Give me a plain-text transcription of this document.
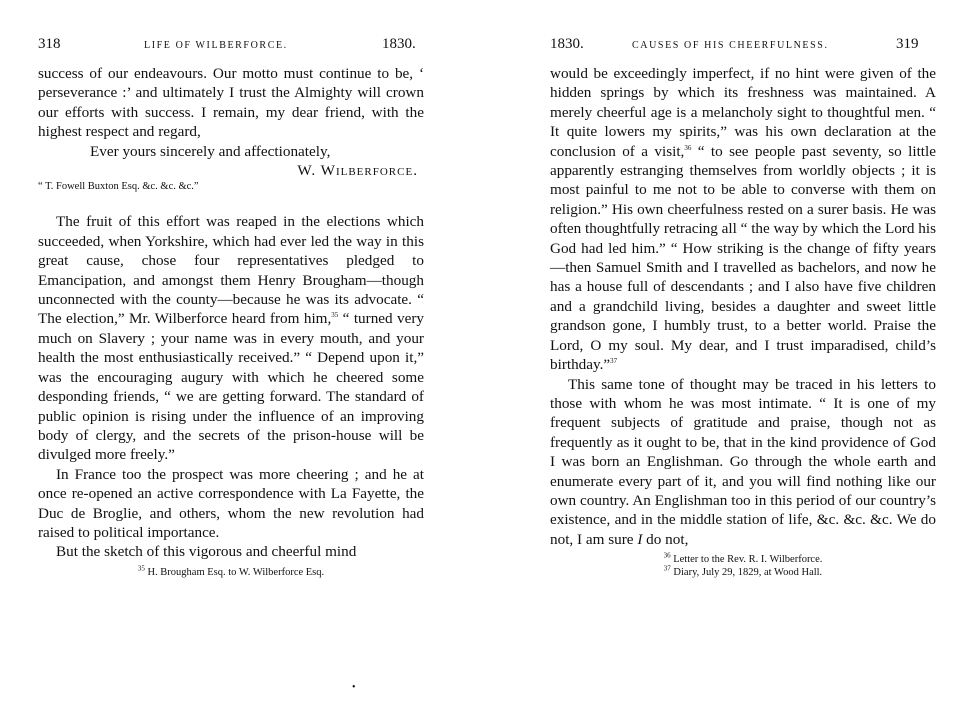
318	LIFE OF WILBERFORCE.	1830.

success of our endeavours. Our motto must continue to be, ‘ perseverance :’ and ultimately I trust the Almighty will crown our efforts with success. I remain, my dear friend, with the highest respect and regard,

Ever yours sincerely and affectionately,

W. Wilberforce.

“ T. Fowell Buxton Esq. &c. &c. &c.”

The fruit of this effort was reaped in the elections which succeeded, when Yorkshire, which had ever led the way in this great cause, chose four representatives pledged to Emancipation, and amongst them Henry Brougham—though unconnected with the county—because he was its advocate. “ The election,” Mr. Wilberforce heard from him,$^{35}$ “ turned very much on Slavery ; your name was in every mouth, and your health the most enthusiastically received.” “ Depend upon it,” was the encouraging augury with which he cheered some desponding friends, “ we are getting forward. The standard of public opinion is rising under the influence of an improving body of clergy, and the secrets of the prison-house will be divulged more freely.”

In France too the prospect was more cheering ; and he at once re-opened an active correspondence with La Fayette, the Duc de Broglie, and others, whom the new revolution had raised to political importance.

But the sketch of this vigorous and cheerful mind

$^{35}$ H. Brougham Esq. to W. Wilberforce Esq.

•
1830.	CAUSES OF HIS CHEERFULNESS.	319

would be exceedingly imperfect, if no hint were given of the hidden springs by which its freshness was maintained. A merely cheerful age is a melancholy sight to thoughtful men. “ It quite lowers my spirits,” was his own declaration at the conclusion of a visit,$^{36}$ “ to see people past seventy, so little apparently estranging themselves from worldly objects ; it is most painful to me not to be able to converse with them on religion.” His own cheerfulness rested on a surer basis. He was often thoughtfully retracing all “ the way by which the Lord his God had led him.” “ How striking is the change of fifty years—then Samuel Smith and I travelled as bachelors, and now he has a house full of descendants ; and I also have five children and a grandchild living, besides a daughter and sweet little grandson gone, I humbly trust, to a better world. Praise the Lord, O my soul. My dear, and I trust imparadised, child’s birthday.”$^{37}$

This same tone of thought may be traced in his letters to those with whom he was most intimate. “ It is one of my frequent subjects of gratitude and praise, though not as frequently as it ought to be, that in the kind providence of God I was born an Englishman. Go through the whole earth and enumerate every part of it, and you will find nothing like our own country. An Englishman too in this period of our country’s existence, and in the middle station of life, &c. &c. &c. We do not, I am sure I do not,

$^{36}$ Letter to the Rev. R. I. Wilberforce.

$^{37}$ Diary, July 29, 1829, at Wood Hall.
